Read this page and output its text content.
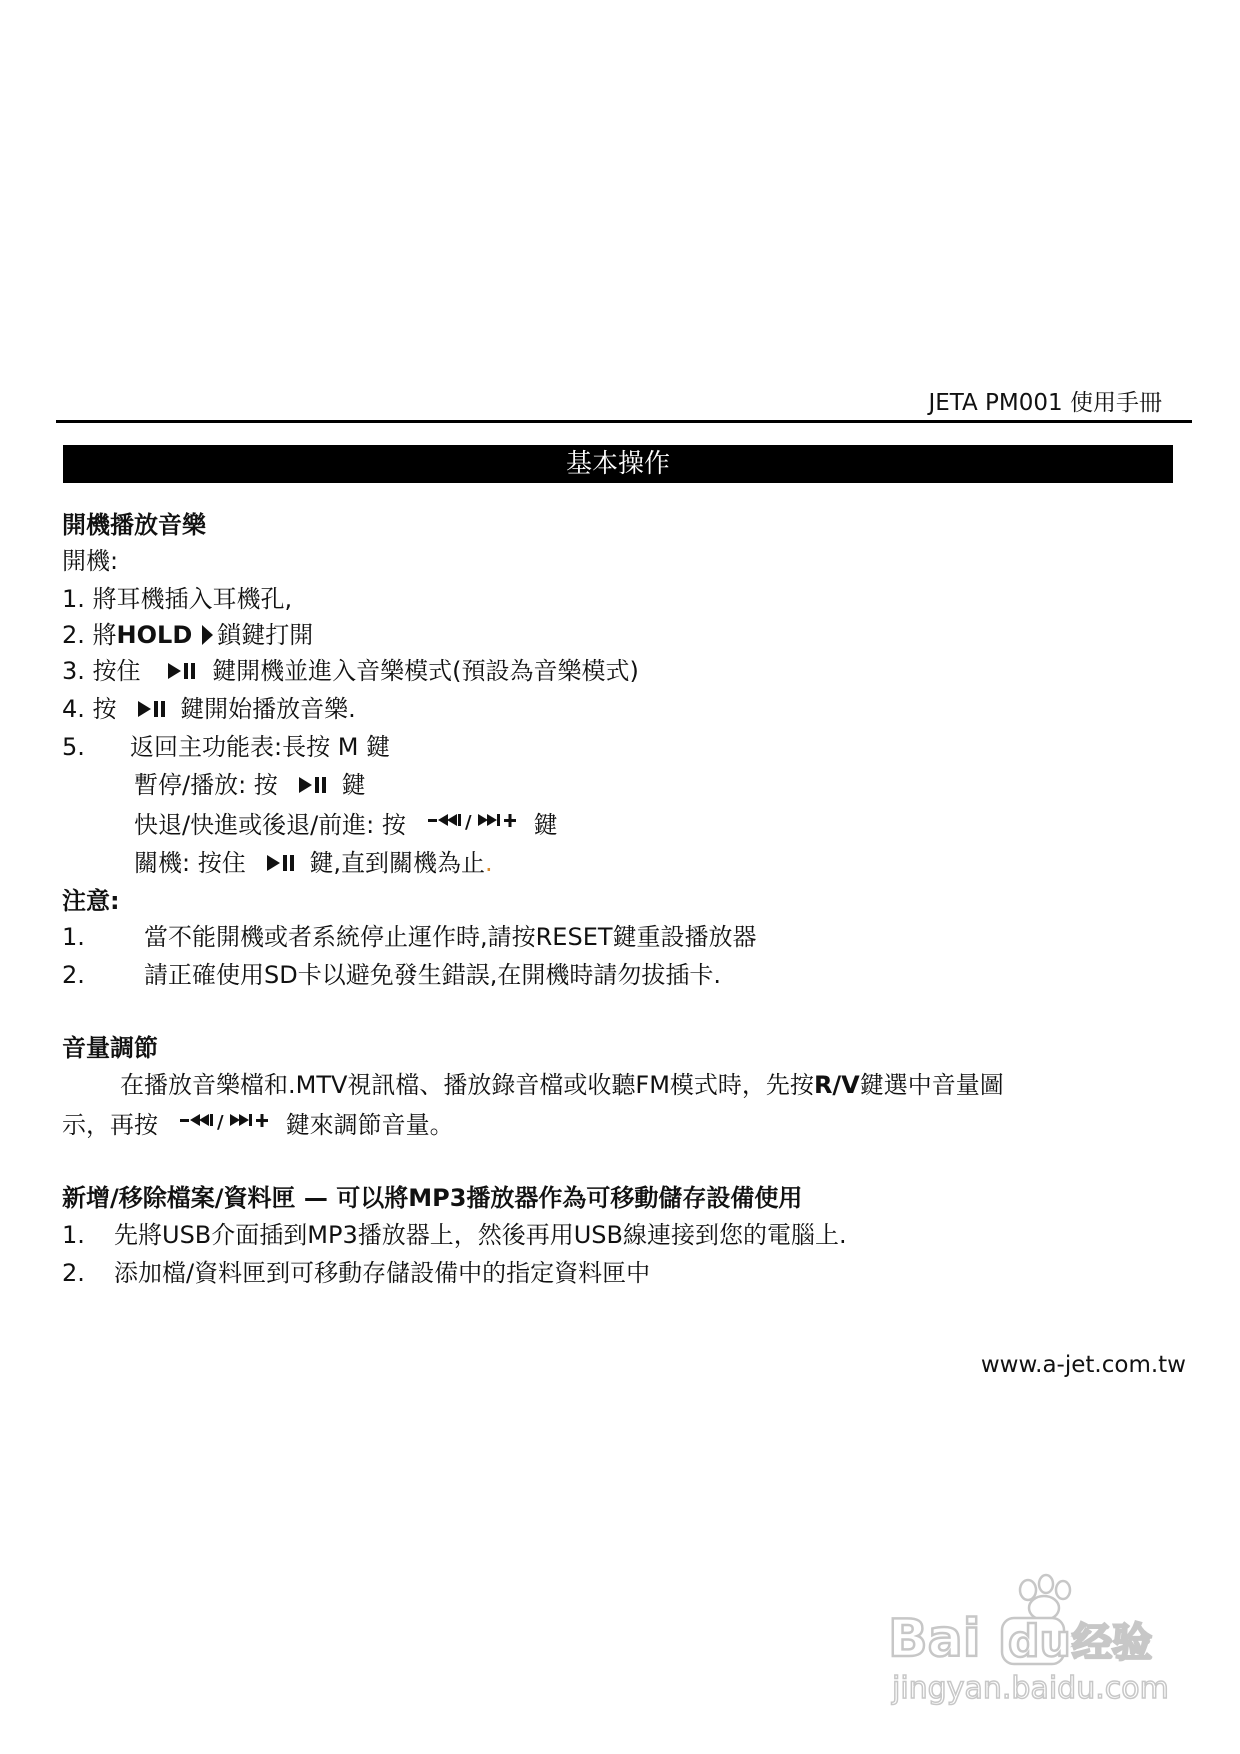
JETA PM001 使用手冊
基本操作
開機播放音樂
開機:
1. 將耳機插入耳機孔,
2. 將HOLD 鎖鍵打開
3. 按住	鍵開機並進入音樂模式(預設為音樂模式)
4. 按	鍵開始播放音樂.
5. 返回主功能表:長按 M 鍵
暫停/播放: 按	鍵
快退/快進或後退/前進: 按	/	鍵
關機: 按住	鍵,直到關機為止.
注意:
1. 當不能開機或者系統停止運作時,請按RESET鍵重設播放器
2. 請正確使用SD卡以避免發生錯誤,在開機時請勿拔插卡.
音量調節
在播放音樂檔和.MTV視訊檔、播放錄音檔或收聽FM模式時，先按R/V鍵選中音量圖
示，再按	/	鍵來調節音量。
新增/移除檔案/資料匣 — 可以將MP3播放器作為可移動儲存設備使用
1. 先將USB介面插到MP3播放器上，然後再用USB線連接到您的電腦上.
2. 添加檔/資料匣到可移動存儲設備中的指定資料匣中
www.a-jet.com.tw
Bai du 经验
jingyan.baidu.com
